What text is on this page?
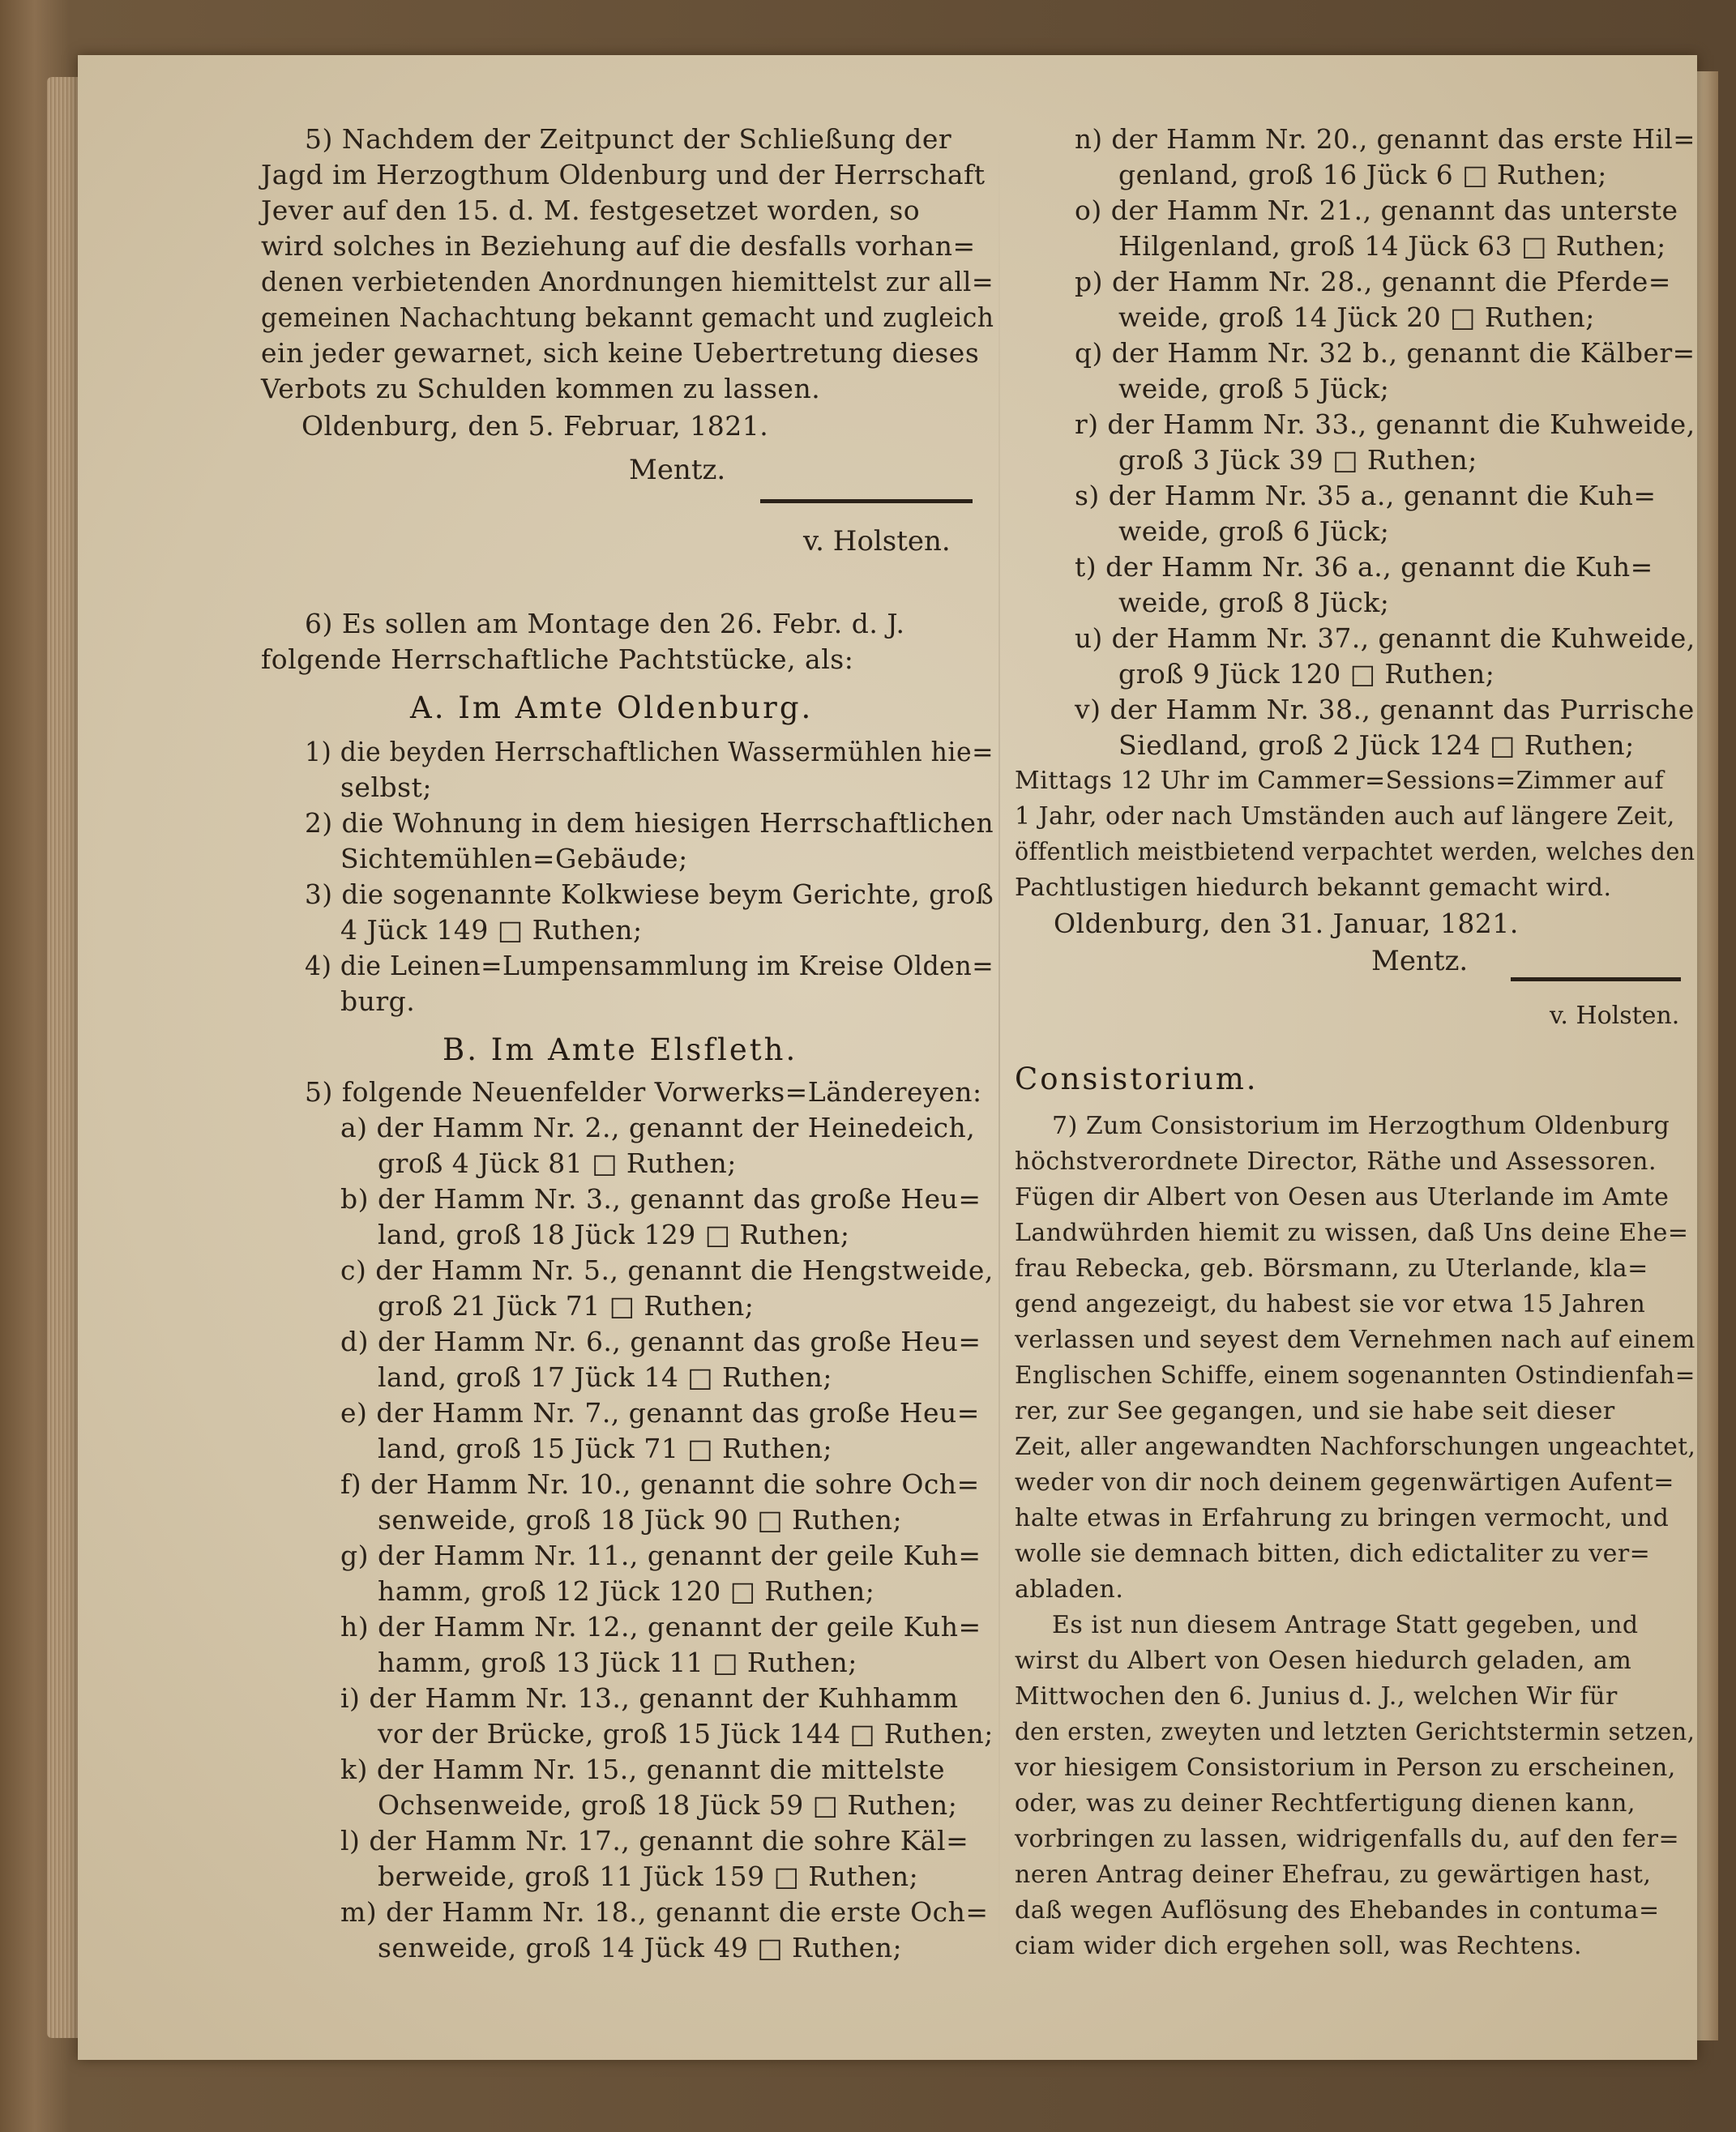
5) Nachdem der Zeitpunct der Schließung der
Jagd im Herzogthum Oldenburg und der Herrschaft
Jever auf den 15. d. M. festgesetzet worden, so
wird solches in Beziehung auf die desfalls vorhan=
denen verbietenden Anordnungen hiemittelst zur all=
gemeinen Nachachtung bekannt gemacht und zugleich
ein jeder gewarnet, sich keine Uebertretung dieses
Verbots zu Schulden kommen zu lassen.
Oldenburg, den 5. Februar, 1821.
Mentz.
v. Holsten.
6) Es sollen am Montage den 26. Febr. d. J.
folgende Herrschaftliche Pachtstücke, als:
A. Im Amte Oldenburg.
1) die beyden Herrschaftlichen Wassermühlen hie=
selbst;
2) die Wohnung in dem hiesigen Herrschaftlichen
Sichtemühlen=Gebäude;
3) die sogenannte Kolkwiese beym Gerichte, groß
4 Jück 149 □ Ruthen;
4) die Leinen=Lumpensammlung im Kreise Olden=
burg.
B. Im Amte Elsfleth.
5) folgende Neuenfelder Vorwerks=Ländereyen:
a) der Hamm Nr. 2., genannt der Heinedeich,
groß 4 Jück 81 □ Ruthen;
b) der Hamm Nr. 3., genannt das große Heu=
land, groß 18 Jück 129 □ Ruthen;
c) der Hamm Nr. 5., genannt die Hengstweide,
groß 21 Jück 71 □ Ruthen;
d) der Hamm Nr. 6., genannt das große Heu=
land, groß 17 Jück 14 □ Ruthen;
e) der Hamm Nr. 7., genannt das große Heu=
land, groß 15 Jück 71 □ Ruthen;
f) der Hamm Nr. 10., genannt die sohre Och=
senweide, groß 18 Jück 90 □ Ruthen;
g) der Hamm Nr. 11., genannt der geile Kuh=
hamm, groß 12 Jück 120 □ Ruthen;
h) der Hamm Nr. 12., genannt der geile Kuh=
hamm, groß 13 Jück 11 □ Ruthen;
i) der Hamm Nr. 13., genannt der Kuhhamm
vor der Brücke, groß 15 Jück 144 □ Ruthen;
k) der Hamm Nr. 15., genannt die mittelste
Ochsenweide, groß 18 Jück 59 □ Ruthen;
l) der Hamm Nr. 17., genannt die sohre Käl=
berweide, groß 11 Jück 159 □ Ruthen;
m) der Hamm Nr. 18., genannt die erste Och=
senweide, groß 14 Jück 49 □ Ruthen;
n) der Hamm Nr. 20., genannt das erste Hil=
genland, groß 16 Jück 6 □ Ruthen;
o) der Hamm Nr. 21., genannt das unterste
Hilgenland, groß 14 Jück 63 □ Ruthen;
p) der Hamm Nr. 28., genannt die Pferde=
weide, groß 14 Jück 20 □ Ruthen;
q) der Hamm Nr. 32 b., genannt die Kälber=
weide, groß 5 Jück;
r) der Hamm Nr. 33., genannt die Kuhweide,
groß 3 Jück 39 □ Ruthen;
s) der Hamm Nr. 35 a., genannt die Kuh=
weide, groß 6 Jück;
t) der Hamm Nr. 36 a., genannt die Kuh=
weide, groß 8 Jück;
u) der Hamm Nr. 37., genannt die Kuhweide,
groß 9 Jück 120 □ Ruthen;
v) der Hamm Nr. 38., genannt das Purrische
Siedland, groß 2 Jück 124 □ Ruthen;
Mittags 12 Uhr im Cammer=Sessions=Zimmer auf
1 Jahr, oder nach Umständen auch auf längere Zeit,
öffentlich meistbietend verpachtet werden, welches den
Pachtlustigen hiedurch bekannt gemacht wird.
Oldenburg, den 31. Januar, 1821.
Mentz.
v. Holsten.
Consistorium.
7) Zum Consistorium im Herzogthum Oldenburg
höchstverordnete Director, Räthe und Assessoren.
Fügen dir Albert von Oesen aus Uterlande im Amte
Landwührden hiemit zu wissen, daß Uns deine Ehe=
frau Rebecka, geb. Börsmann, zu Uterlande, kla=
gend angezeigt, du habest sie vor etwa 15 Jahren
verlassen und seyest dem Vernehmen nach auf einem
Englischen Schiffe, einem sogenannten Ostindienfah=
rer, zur See gegangen, und sie habe seit dieser
Zeit, aller angewandten Nachforschungen ungeachtet,
weder von dir noch deinem gegenwärtigen Aufent=
halte etwas in Erfahrung zu bringen vermocht, und
wolle sie demnach bitten, dich edictaliter zu ver=
abladen.
Es ist nun diesem Antrage Statt gegeben, und
wirst du Albert von Oesen hiedurch geladen, am
Mittwochen den 6. Junius d. J., welchen Wir für
den ersten, zweyten und letzten Gerichtstermin setzen,
vor hiesigem Consistorium in Person zu erscheinen,
oder, was zu deiner Rechtfertigung dienen kann,
vorbringen zu lassen, widrigenfalls du, auf den fer=
neren Antrag deiner Ehefrau, zu gewärtigen hast,
daß wegen Auflösung des Ehebandes in contuma=
ciam wider dich ergehen soll, was Rechtens.
